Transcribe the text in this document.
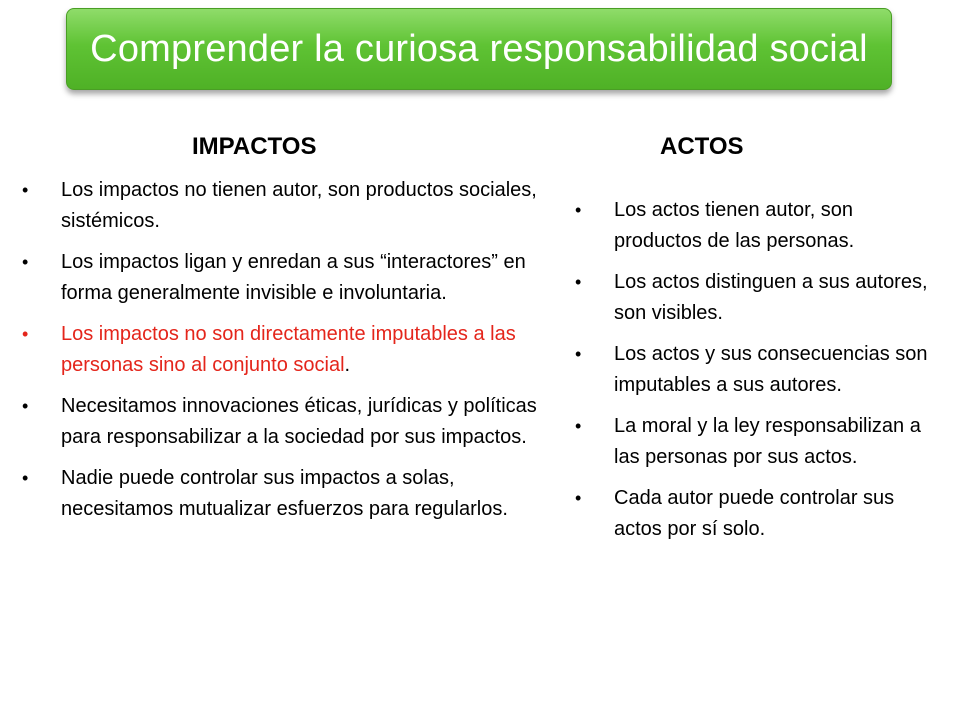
Comprender la curiosa responsabilidad social
IMPACTOS	ACTOS
• Los impactos no tienen autor, son productos sociales, sistémicos.
• Los impactos ligan y enredan a sus “interactores” en forma generalmente invisible e involuntaria.
• Los impactos no son directamente imputables a las personas sino al conjunto social.
• Necesitamos innovaciones éticas, jurídicas y políticas para responsabilizar a la sociedad por sus impactos.
• Nadie puede controlar sus impactos a solas, necesitamos mutualizar esfuerzos para regularlos.
• Los actos tienen autor, son productos de las personas.
• Los actos distinguen a sus autores, son visibles.
• Los actos y sus consecuencias son imputables a sus autores.
• La moral y la ley responsabilizan a las personas por sus actos.
• Cada autor puede controlar sus actos por sí solo.
